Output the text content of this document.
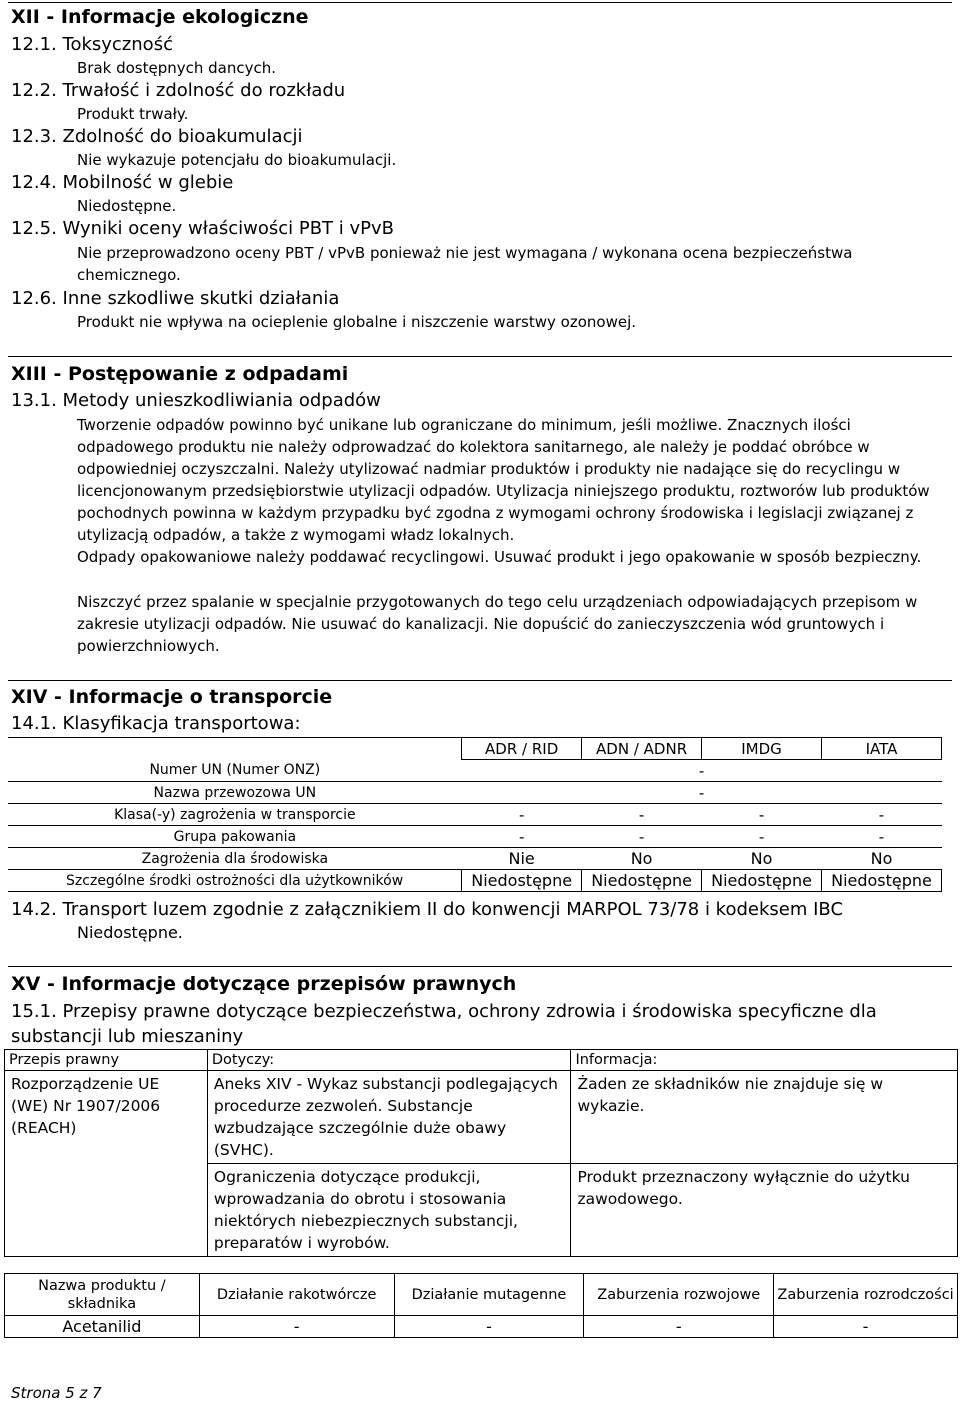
XII - Informacje ekologiczne
12.1. Toksyczność
Brak dostępnych dancych.
12.2. Trwałość i zdolność do rozkładu
Produkt trwały.
12.3. Zdolność do bioakumulacji
Nie wykazuje potencjału do bioakumulacji.
12.4. Mobilność w glebie
Niedostępne.
12.5. Wyniki oceny właściwości PBT i vPvB

Nie przeprowadzono oceny PBT / vPvB ponieważ nie jest wymagana / wykonana ocena bezpieczeństwa chemicznego.

12.6. Inne szkodliwe skutki działania
Produkt nie wpływa na ocieplenie globalne i niszczenie warstwy ozonowej.
XIII - Postępowanie z odpadami
13.1. Metody unieszkodliwiania odpadów

Tworzenie odpadów powinno być unikane lub ograniczane do minimum, jeśli możliwe. Znacznych ilości odpadowego produktu nie należy odprowadzać do kolektora sanitarnego, ale należy je poddać obróbce w odpowiedniej oczyszczalni. Należy utylizować nadmiar produktów i produkty nie nadające się do recyclingu w licencjonowanym przedsiębiorstwie utylizacji odpadów. Utylizacja niniejszego produktu, roztworów lub produktów pochodnych powinna w każdym przypadku być zgodna z wymogami ochrony środowiska i legislacji związanej z utylizacją odpadów, a także z wymogami władz lokalnych.

Odpady opakowaniowe należy poddawać recyclingowi. Usuwać produkt i jego opakowanie w sposób bezpieczny.

Niszczyć przez spalanie w specjalnie przygotowanych do tego celu urządzeniach odpowiadających przepisom w zakresie utylizacji odpadów. Nie usuwać do kanalizacji. Nie dopuścić do zanieczyszczenia wód gruntowych i powierzchniowych.

XIV - Informacje o transporcie
14.1. Klasyfikacja transportowa:
	ADR / RID	ADN / ADNR	IMDG	IATA
Numer UN (Numer ONZ)	-			
Nazwa przewozowa UN	-			
Klasa(-y) zagrożenia w transporcie	-	-	-	-
Grupa pakowania	-	-	-	-
Zagrożenia dla środowiska	Nie	No	No	No
Szczególne środki ostrożności dla użytkowników	Niedostępne	Niedostępne	Niedostępne	Niedostępne
14.2. Transport luzem zgodnie z załącznikiem II do konwencji MARPOL 73/78 i kodeksem IBC
Niedostępne.
XV - Informacje dotyczące przepisów prawnych

15.1. Przepisy prawne dotyczące bezpieczeństwa, ochrony zdrowia i środowiska specyficzne dla substancji lub mieszaniny

Przepis prawny	Dotyczy:	Informacja:
Rozporządzenie UE (WE) Nr 1907/2006 (REACH)	Aneks XIV - Wykaz substancji podlegających procedurze zezwoleń. Substancje wzbudzające szczególnie duże obawy (SVHC).	Żaden ze składników nie znajduje się w wykazie.
	Ograniczenia dotyczące produkcji, wprowadzania do obrotu i stosowania niektórych niebezpiecznych substancji, preparatów i wyrobów.	Produkt przeznaczony wyłącznie do użytku zawodowego.
Nazwa produktu / składnika	Działanie rakotwórcze	Działanie mutagenne	Zaburzenia rozwojowe	Zaburzenia rozrodczości
Acetanilid	-	-	-	-
Strona 5 z 7
